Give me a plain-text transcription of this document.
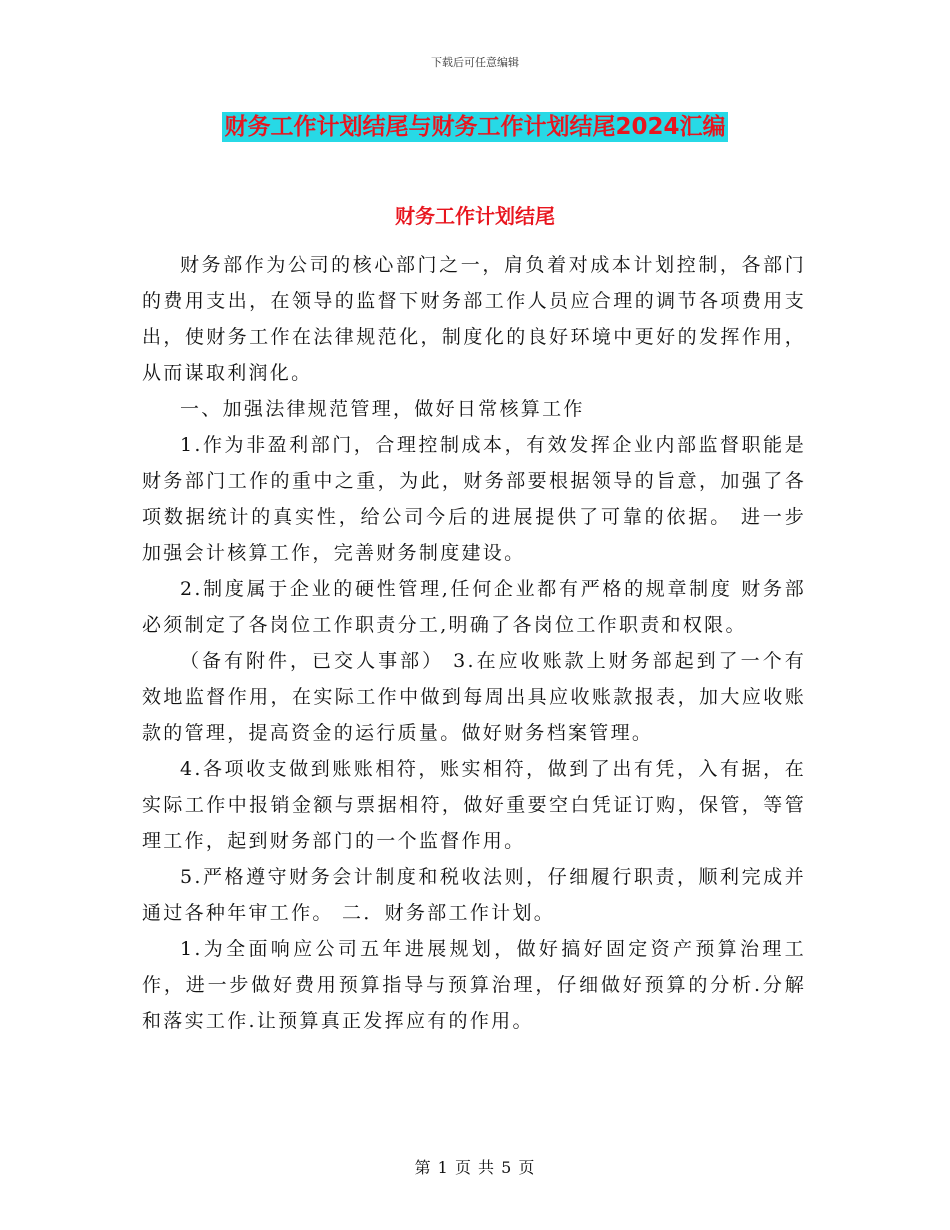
下载后可任意编辑
财务工作计划结尾与财务工作计划结尾2024汇编
财务工作计划结尾

财务部作为公司的核心部门之一，肩负着对成本计划控制，各部门的费用支出，在领导的监督下财务部工作人员应合理的调节各项费用支出，使财务工作在法律规范化，制度化的良好环境中更好的发挥作用，从而谋取利润化。

一、加强法律规范管理，做好日常核算工作

1.作为非盈利部门，合理控制成本，有效发挥企业内部监督职能是财务部门工作的重中之重，为此，财务部要根据领导的旨意，加强了各项数据统计的真实性，给公司今后的进展提供了可靠的依据。 进一步加强会计核算工作，完善财务制度建设。

2.制度属于企业的硬性管理,任何企业都有严格的规章制度 财务部必须制定了各岗位工作职责分工,明确了各岗位工作职责和权限。

（备有附件，已交人事部） 3.在应收账款上财务部起到了一个有效地监督作用，在实际工作中做到每周出具应收账款报表，加大应收账款的管理，提高资金的运行质量。做好财务档案管理。

4.各项收支做到账账相符，账实相符，做到了出有凭，入有据，在实际工作中报销金额与票据相符，做好重要空白凭证订购，保管，等管理工作，起到财务部门的一个监督作用。

5.严格遵守财务会计制度和税收法则，仔细履行职责，顺利完成并通过各种年审工作。 二．财务部工作计划。

1.为全面响应公司五年进展规划，做好搞好固定资产预算治理工作，进一步做好费用预算指导与预算治理，仔细做好预算的分析.分解和落实工作.让预算真正发挥应有的作用。

第 1 页 共 5 页
